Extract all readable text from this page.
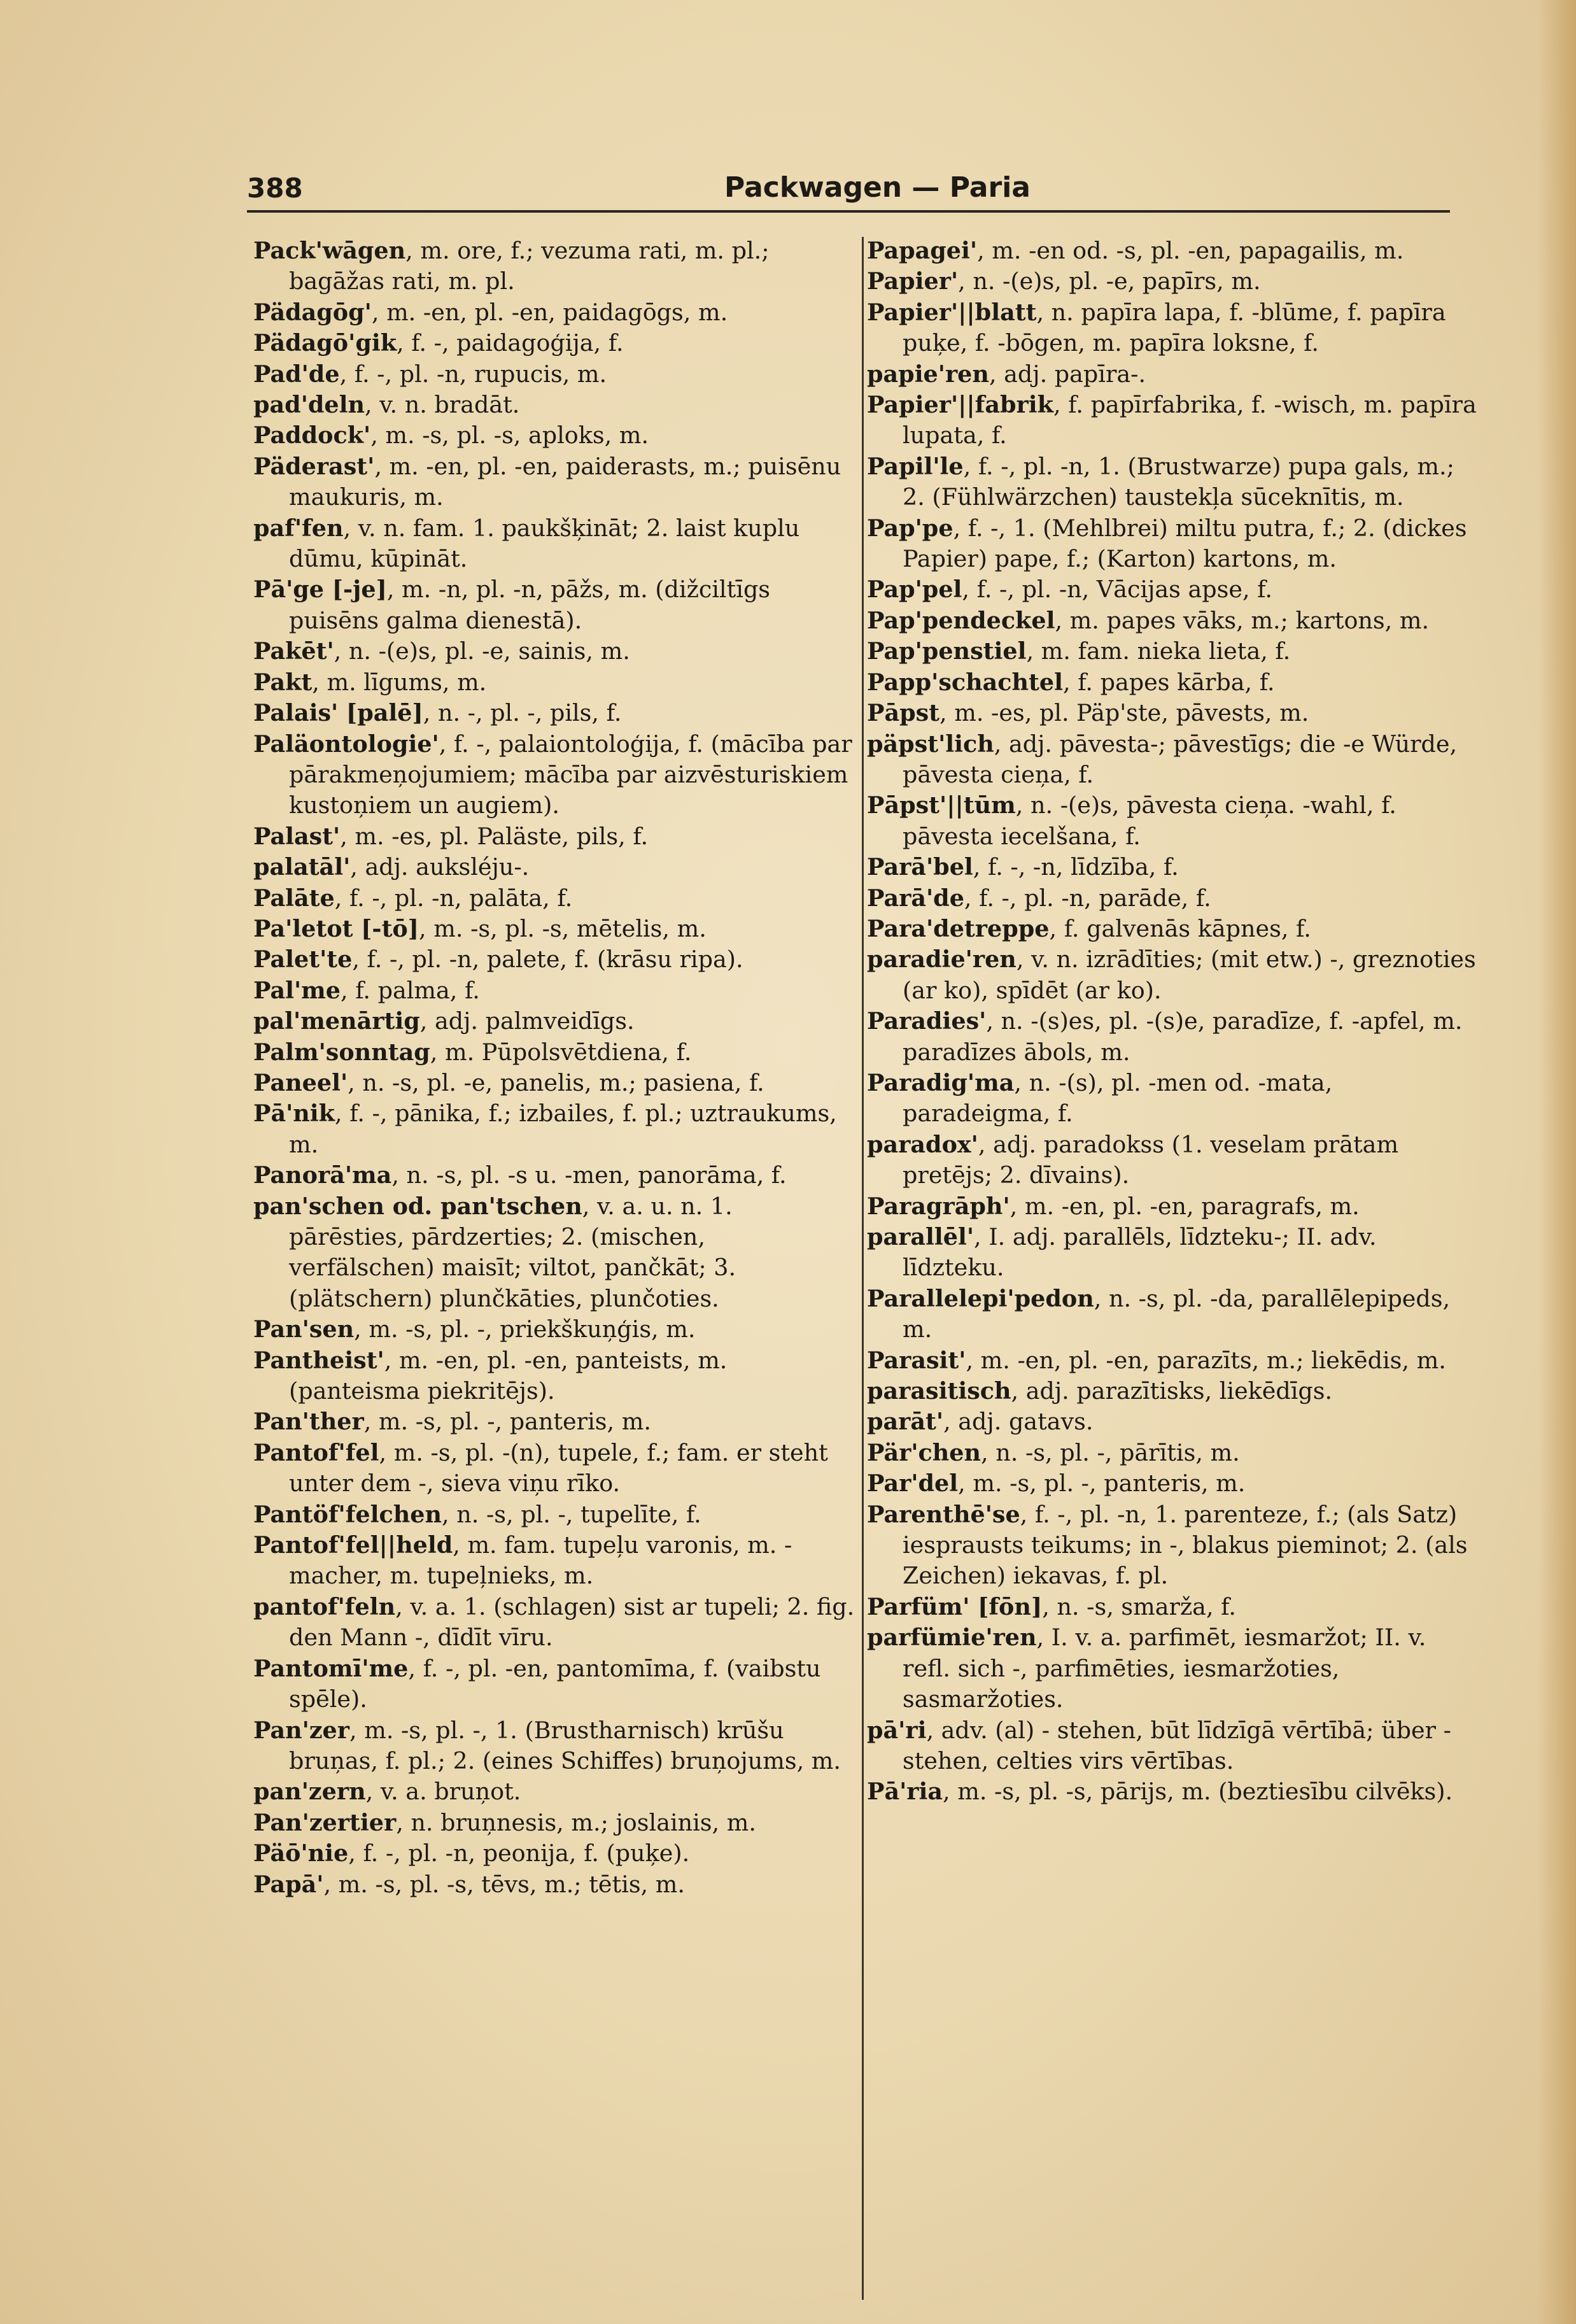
388	Packwagen — Paria

Pack'wāgen, m. ore, f.; vezuma rati, m. pl.; bagāžas rati, m. pl.

Pädagōg', m. -en, pl. -en, paidagōgs, m.

Pädagō'gik, f. -, paidagoģija, f.

Pad'de, f. -, pl. -n, rupucis, m.

pad'deln, v. n. bradāt.

Paddock', m. -s, pl. -s, aploks, m.

Päderast', m. -en, pl. -en, paiderasts, m.; puisēnu maukuris, m.

paf'fen, v. n. fam. 1. paukšķināt; 2. laist kuplu dūmu, kūpināt.

Pā'ge [-je], m. -n, pl. -n, pāžs, m. (dižciltīgs puisēns galma dienestā).

Pakēt', n. -(e)s, pl. -e, sainis, m.

Pakt, m. līgums, m.

Palais' [palē], n. -, pl. -, pils, f.

Paläontologie', f. -, palaiontoloģija, f. (mācība par pārakmeņojumiem; mācība par aizvēsturiskiem kustoņiem un augiem).

Palast', m. -es, pl. Paläste, pils, f.

palatāl', adj. auksléju-.

Palāte, f. -, pl. -n, palāta, f.

Pa'letot [-tō], m. -s, pl. -s, mētelis, m.

Palet'te, f. -, pl. -n, palete, f. (krāsu ripa).

Pal'me, f. palma, f.

pal'menārtig, adj. palmveidīgs.

Palm'sonntag, m. Pūpolsvētdiena, f.

Paneel', n. -s, pl. -e, panelis, m.; pasiena, f.

Pā'nik, f. -, pānika, f.; izbailes, f. pl.; uztraukums, m.

Panorā'ma, n. -s, pl. -s u. -men, panorāma, f.

pan'schen od. pan'tschen, v. a. u. n. 1. pārēsties, pārdzerties; 2. (mischen, verfälschen) maisīt; viltot, pančkāt; 3. (plätschern) plunčkāties, plunčoties.

Pan'sen, m. -s, pl. -, priekškuņģis, m.

Pantheist', m. -en, pl. -en, panteists, m. (panteisma piekritējs).

Pan'ther, m. -s, pl. -, panteris, m.

Pantof'fel, m. -s, pl. -(n), tupele, f.; fam. er steht unter dem -, sieva viņu rīko.

Pantöf'felchen, n. -s, pl. -, tupelīte, f.

Pantof'fel||held, m. fam. tupeļu varonis, m. -macher, m. tupeļnieks, m.

pantof'feln, v. a. 1. (schlagen) sist ar tupeli; 2. fig. den Mann -, dīdīt vīru.

Pantomī'me, f. -, pl. -en, pantomīma, f. (vaibstu spēle).

Pan'zer, m. -s, pl. -, 1. (Brustharnisch) krūšu bruņas, f. pl.; 2. (eines Schiffes) bruņojums, m.

pan'zern, v. a. bruņot.

Pan'zertier, n. bruņnesis, m.; joslainis, m.

Päō'nie, f. -, pl. -n, peonija, f. (puķe).

Papā', m. -s, pl. -s, tēvs, m.; tētis, m.

Papagei', m. -en od. -s, pl. -en, papagailis, m.

Papier', n. -(e)s, pl. -e, papīrs, m.

Papier'||blatt, n. papīra lapa, f. -blūme, f. papīra puķe, f. -bōgen, m. papīra loksne, f.

papie'ren, adj. papīra-.

Papier'||fabrik, f. papīrfabrika, f. -wisch, m. papīra lupata, f.

Papil'le, f. -, pl. -n, 1. (Brustwarze) pupa gals, m.; 2. (Fühlwärzchen) taustekļa sūceknītis, m.

Pap'pe, f. -, 1. (Mehlbrei) miltu putra, f.; 2. (dickes Papier) pape, f.; (Karton) kartons, m.

Pap'pel, f. -, pl. -n, Vācijas apse, f.

Pap'pendeckel, m. papes vāks, m.; kartons, m.

Pap'penstiel, m. fam. nieka lieta, f.

Papp'schachtel, f. papes kārba, f.

Pāpst, m. -es, pl. Päp'ste, pāvests, m.

päpst'lich, adj. pāvesta-; pāvestīgs; die -e Würde, pāvesta cieņa, f.

Pāpst'||tūm, n. -(e)s, pāvesta cieņa. -wahl, f. pāvesta iecelšana, f.

Parā'bel, f. -, -n, līdzība, f.

Parā'de, f. -, pl. -n, parāde, f.

Para'detreppe, f. galvenās kāpnes, f.

paradie'ren, v. n. izrādīties; (mit etw.) -, greznoties (ar ko), spīdēt (ar ko).

Paradies', n. -(s)es, pl. -(s)e, paradīze, f. -apfel, m. paradīzes ābols, m.

Paradig'ma, n. -(s), pl. -men od. -mata, paradeigma, f.

paradox', adj. paradokss (1. veselam prātam pretējs; 2. dīvains).

Paragrāph', m. -en, pl. -en, paragrafs, m.

parallēl', I. adj. parallēls, līdzteku-; II. adv. līdzteku.

Parallelepi'pedon, n. -s, pl. -da, parallēlepipeds, m.

Parasit', m. -en, pl. -en, parazīts, m.; liekēdis, m.

parasitisch, adj. parazītisks, liekēdīgs.

parāt', adj. gatavs.

Pär'chen, n. -s, pl. -, pārītis, m.

Par'del, m. -s, pl. -, panteris, m.

Parenthē'se, f. -, pl. -n, 1. parenteze, f.; (als Satz) iesprausts teikums; in -, blakus pieminot; 2. (als Zeichen) iekavas, f. pl.

Parfüm' [fōn], n. -s, smarža, f.

parfümie'ren, I. v. a. parfimēt, iesmaržot; II. v. refl. sich -, parfimēties, iesmaržoties, sasmaržoties.

pā'ri, adv. (al) - stehen, būt līdzīgā vērtībā; über - stehen, celties virs vērtības.

Pā'ria, m. -s, pl. -s, pārijs, m. (beztiesību cilvēks).
